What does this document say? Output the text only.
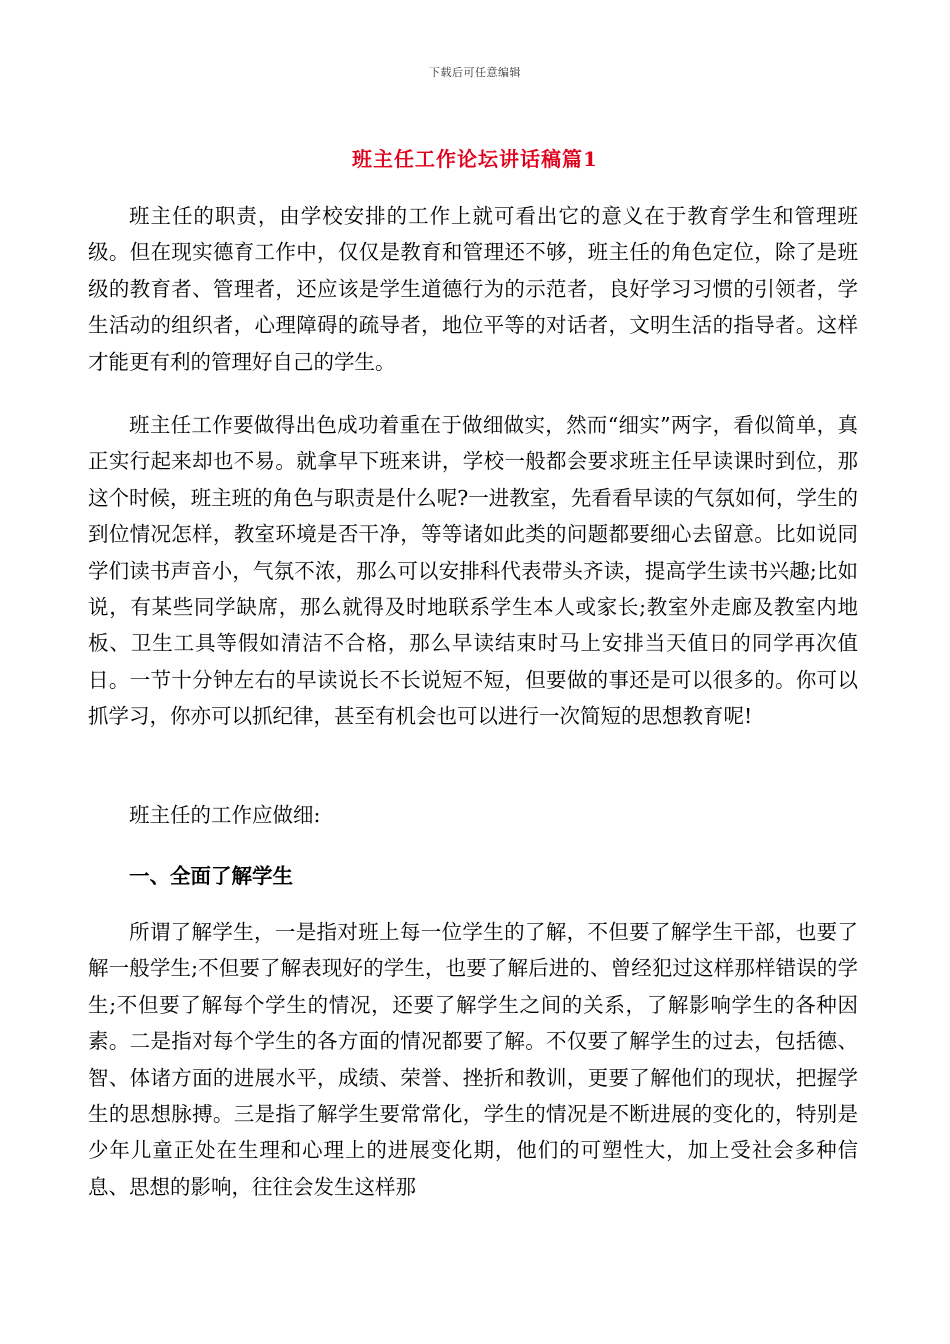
下载后可任意编辑
班主任工作论坛讲话稿篇1

班主任的职责，由学校安排的工作上就可看出它的意义在于教育学生和管理班级。但在现实德育工作中，仅仅是教育和管理还不够，班主任的角色定位，除了是班级的教育者、管理者，还应该是学生道德行为的示范者，良好学习习惯的引领者，学生活动的组织者，心理障碍的疏导者，地位平等的对话者，文明生活的指导者。这样才能更有利的管理好自己的学生。

班主任工作要做得出色成功着重在于做细做实，然而“细实”两字，看似简单，真正实行起来却也不易。就拿早下班来讲，学校一般都会要求班主任早读课时到位，那这个时候，班主班的角色与职责是什么呢?一进教室，先看看早读的气氛如何，学生的到位情况怎样，教室环境是否干净，等等诸如此类的问题都要细心去留意。比如说同学们读书声音小，气氛不浓，那么可以安排科代表带头齐读，提高学生读书兴趣;比如说，有某些同学缺席，那么就得及时地联系学生本人或家长;教室外走廊及教室内地板、卫生工具等假如清洁不合格，那么早读结束时马上安排当天值日的同学再次值日。一节十分钟左右的早读说长不长说短不短，但要做的事还是可以很多的。你可以抓学习，你亦可以抓纪律，甚至有机会也可以进行一次简短的思想教育呢!

班主任的工作应做细:

一、全面了解学生

所谓了解学生，一是指对班上每一位学生的了解，不但要了解学生干部，也要了解一般学生;不但要了解表现好的学生，也要了解后进的、曾经犯过这样那样错误的学生;不但要了解每个学生的情况，还要了解学生之间的关系，了解影响学生的各种因素。二是指对每个学生的各方面的情况都要了解。不仅要了解学生的过去，包括德、智、体诸方面的进展水平，成绩、荣誉、挫折和教训，更要了解他们的现状，把握学生的思想脉搏。三是指了解学生要常常化，学生的情况是不断进展的变化的，特别是少年儿童正处在生理和心理上的进展变化期，他们的可塑性大，加上受社会多种信息、思想的影响，往往会发生这样那
